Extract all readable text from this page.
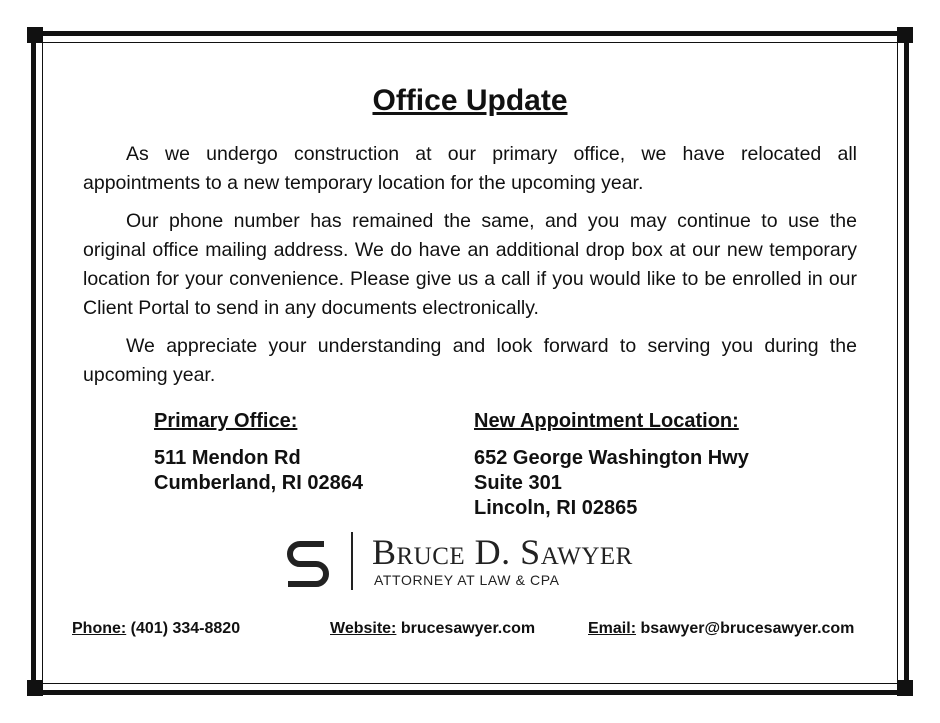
Office Update

As we undergo construction at our primary office, we have relocated all appointments to a new temporary location for the upcoming year.

Our phone number has remained the same, and you may continue to use the original office mailing address. We do have an additional drop box at our new temporary location for your convenience. Please give us a call if you would like to be enrolled in our Client Portal to send in any documents electronically.

We appreciate your understanding and look forward to serving you during the upcoming year.

Primary Office:
511 Mendon Rd
Cumberland, RI 02864
New Appointment Location:
652 George Washington Hwy
Suite 301
Lincoln, RI 02865
Bruce D. Sawyer
ATTORNEY AT LAW & CPA
Phone: (401) 334-8820	Website: brucesawyer.com	Email: bsawyer@brucesawyer.com
